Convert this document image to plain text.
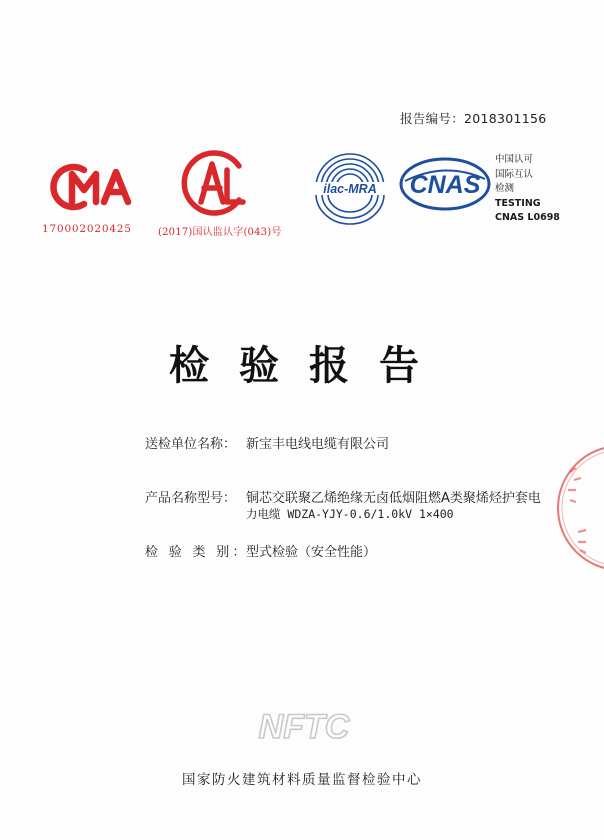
报告编号：2018301156
170002020425	(2017)国认监认字(043)号
ilac-MRA CNAS
中国认可
国际互认
检测
TESTING
CNAS L0698
检验报告
送检单位名称： 新宝丰电线电缆有限公司
产品名称型号： 铜芯交联聚乙烯绝缘无卤低烟阻燃A类聚烯烃护套电
力电缆 WDZA-YJY-0.6/1.0kV 1×400
检 验 类 别：
型式检验（安全性能）
NFTC
国家防火建筑材料质量监督检验中心
